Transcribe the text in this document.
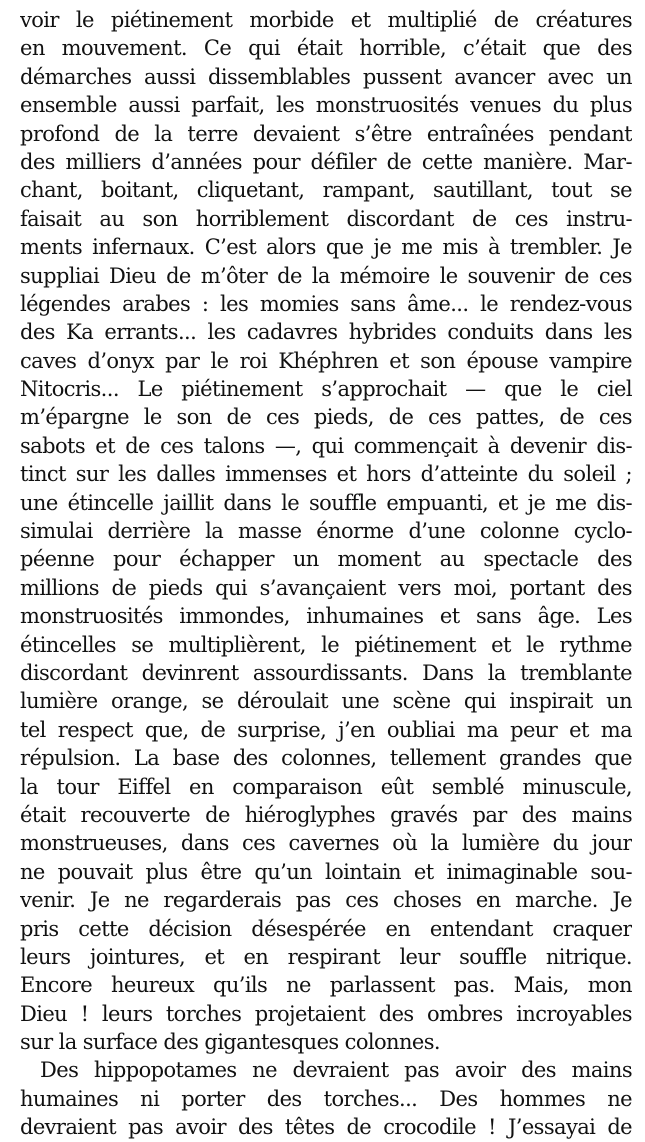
voir le piétinement morbide et multiplié de créatures
en mouvement. Ce qui était horrible, c’était que des
démarches aussi dissemblables pussent avancer avec un
ensemble aussi parfait, les monstruosités venues du plus
profond de la terre devaient s’être entraînées pendant
des milliers d’années pour défiler de cette manière. Mar-
chant, boitant, cliquetant, rampant, sautillant, tout se
faisait au son horriblement discordant de ces instru-
ments infernaux. C’est alors que je me mis à trembler. Je
suppliai Dieu de m’ôter de la mémoire le souvenir de ces
légendes arabes : les momies sans âme... le rendez-vous
des Ka errants... les cadavres hybrides conduits dans les
caves d’onyx par le roi Khéphren et son épouse vampire
Nitocris... Le piétinement s’approchait — que le ciel
m’épargne le son de ces pieds, de ces pattes, de ces
sabots et de ces talons —, qui commençait à devenir dis-
tinct sur les dalles immenses et hors d’atteinte du soleil ;
une étincelle jaillit dans le souffle empuanti, et je me dis-
simulai derrière la masse énorme d’une colonne cyclo-
péenne pour échapper un moment au spectacle des
millions de pieds qui s’avançaient vers moi, portant des
monstruosités immondes, inhumaines et sans âge. Les
étincelles se multiplièrent, le piétinement et le rythme
discordant devinrent assourdissants. Dans la tremblante
lumière orange, se déroulait une scène qui inspirait un
tel respect que, de surprise, j’en oubliai ma peur et ma
répulsion. La base des colonnes, tellement grandes que
la tour Eiffel en comparaison eût semblé minuscule,
était recouverte de hiéroglyphes gravés par des mains
monstrueuses, dans ces cavernes où la lumière du jour
ne pouvait plus être qu’un lointain et inimaginable sou-
venir. Je ne regarderais pas ces choses en marche. Je
pris cette décision désespérée en entendant craquer
leurs jointures, et en respirant leur souffle nitrique.
Encore heureux qu’ils ne parlassent pas. Mais, mon
Dieu ! leurs torches projetaient des ombres incroyables
sur la surface des gigantesques colonnes.
Des hippopotames ne devraient pas avoir des mains
humaines ni porter des torches... Des hommes ne
devraient pas avoir des têtes de crocodile ! J’essayai de
